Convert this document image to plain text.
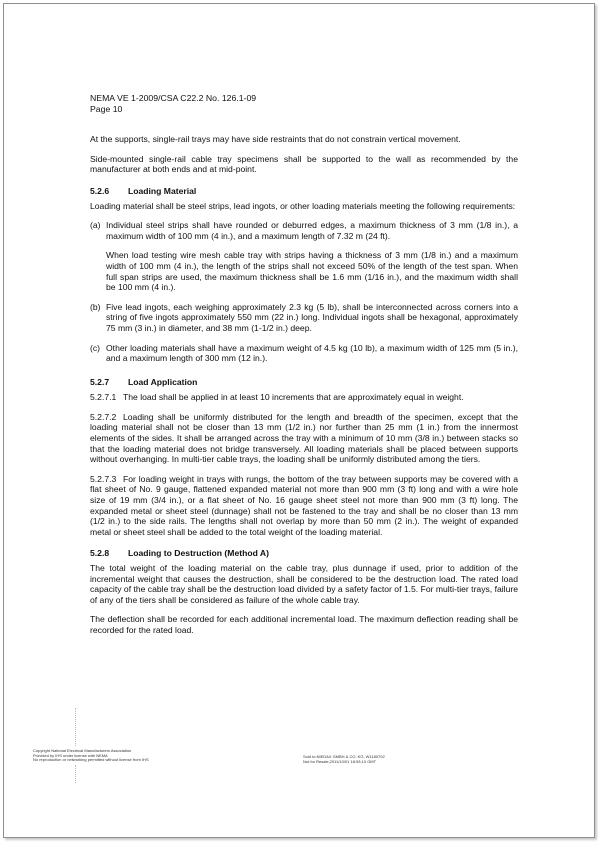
NEMA VE 1-2009/CSA C22.2 No. 126.1-09
Page 10

At the supports, single-rail trays may have side restraints that do not constrain vertical movement.

Side-mounted single-rail cable tray specimens shall be supported to the wall as recommended by the manufacturer at both ends and at mid-point.

5.2.6 Loading Material

Loading material shall be steel strips, lead ingots, or other loading materials meeting the following requirements:

(a) Individual steel strips shall have rounded or deburred edges, a maximum thickness of 3 mm (1/8 in.), a maximum width of 100 mm (4 in.), and a maximum length of 7.32 m (24 ft).

When load testing wire mesh cable tray with strips having a thickness of 3 mm (1/8 in.) and a maximum width of 100 mm (4 in.), the length of the strips shall not exceed 50% of the length of the test span. When full span strips are used, the maximum thickness shall be 1.6 mm (1/16 in.), and the maximum width shall be 100 mm (4 in.).

(b) Five lead ingots, each weighing approximately 2.3 kg (5 lb), shall be interconnected across corners into a string of five ingots approximately 550 mm (22 in.) long. Individual ingots shall be hexagonal, approximately 75 mm (3 in.) in diameter, and 38 mm (1-1/2 in.) deep.
(c) Other loading materials shall have a maximum weight of 4.5 kg (10 lb), a maximum width of 125 mm (5 in.), and a maximum length of 300 mm (12 in.).
5.2.7 Load Application

5.2.7.1 The load shall be applied in at least 10 increments that are approximately equal in weight.

5.2.7.2 Loading shall be uniformly distributed for the length and breadth of the specimen, except that the loading material shall not be closer than 13 mm (1/2 in.) nor further than 25 mm (1 in.) from the innermost elements of the sides. It shall be arranged across the tray with a minimum of 10 mm (3/8 in.) between stacks so that the loading material does not bridge transversely. All loading materials shall be placed between supports without overhanging. In multi-tier cable trays, the loading shall be uniformly distributed among the tiers.

5.2.7.3 For loading weight in trays with rungs, the bottom of the tray between supports may be covered with a flat sheet of No. 9 gauge, flattened expanded material not more than 900 mm (3 ft) long and with a wire hole size of 19 mm (3/4 in.), or a flat sheet of No. 16 gauge sheet steel not more than 900 mm (3 ft) long. The expanded metal or sheet steel (dunnage) shall not be fastened to the tray and shall be no closer than 13 mm (1/2 in.) to the side rails. The lengths shall not overlap by more than 50 mm (2 in.). The weight of expanded metal or sheet steel shall be added to the total weight of the loading material.

5.2.8 Loading to Destruction (Method A)

The total weight of the loading material on the cable tray, plus dunnage if used, prior to addition of the incremental weight that causes the destruction, shall be considered to be the destruction load. The rated load capacity of the cable tray shall be the destruction load divided by a safety factor of 1.5. For multi-tier trays, failure of any of the tiers shall be considered as failure of the whole cable tray.

The deflection shall be recorded for each additional incremental load. The maximum deflection reading shall be recorded for the rated load.

Copyright National Electrical Manufacturers Association
Provided by IHS under license with NEMA
No reproduction or networking permitted without license from IHS
Sold to:NIEDAX GMBH & CO. KG, W1180702
Not for Resale,2011/10/01 18:53:10 GMT
